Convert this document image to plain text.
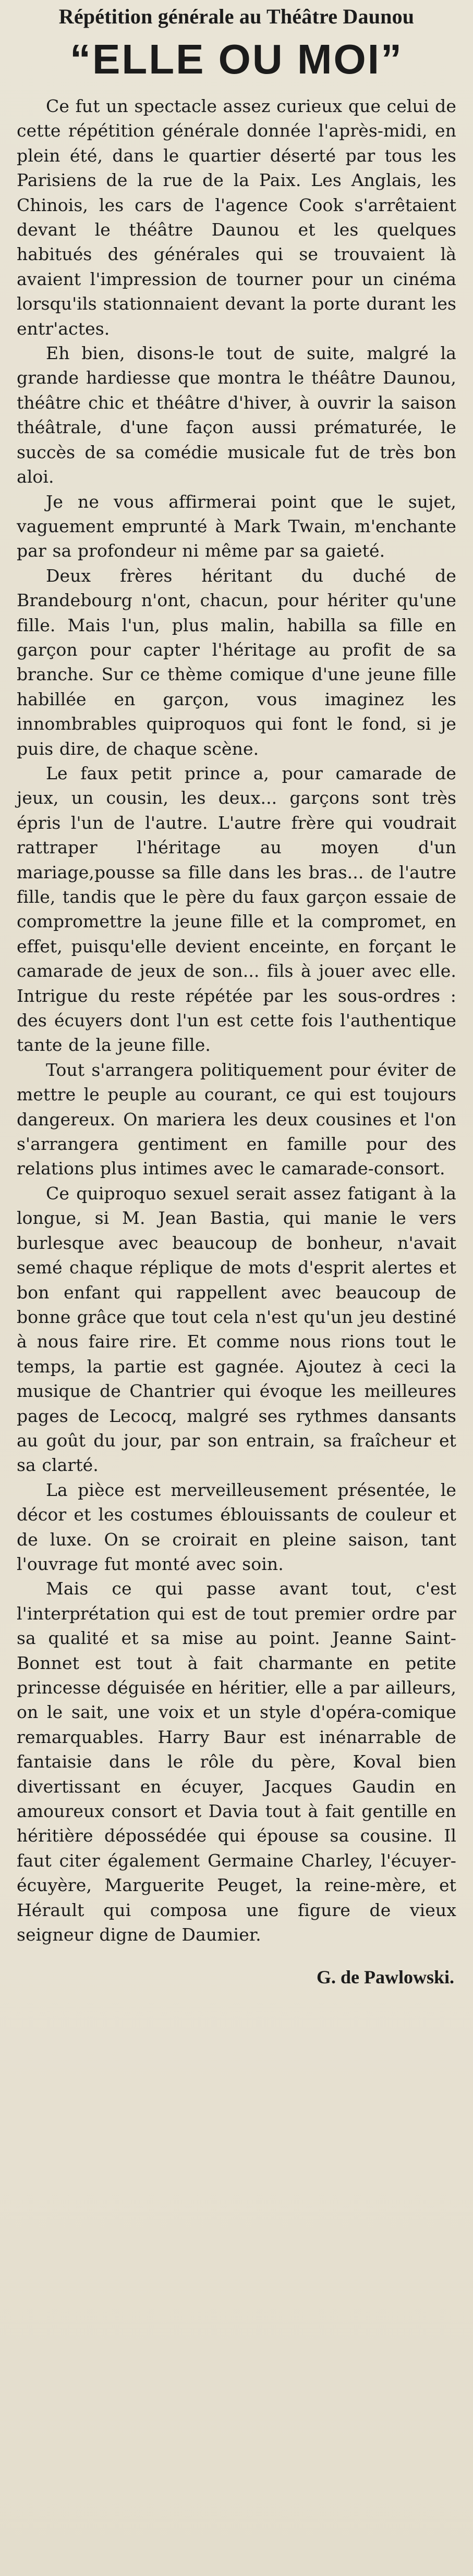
Répétition générale au Théâtre Daunou
“ELLE OU MOI”

Ce fut un spectacle assez curieux que celui de cette répétition générale donnée l'après-midi, en plein été, dans le quartier déserté par tous les Parisiens de la rue de la Paix. Les Anglais, les Chinois, les cars de l'agence Cook s'arrêtaient devant le théâtre Daunou et les quelques habitués des générales qui se trouvaient là avaient l'impression de tourner pour un cinéma lorsqu'ils stationnaient devant la porte durant les entr'actes.

Eh bien, disons-le tout de suite, malgré la grande hardiesse que montra le théâtre Daunou, théâtre chic et théâtre d'hiver, à ouvrir la saison théâtrale, d'une façon aussi prématurée, le succès de sa comédie musicale fut de très bon aloi.

Je ne vous affirmerai point que le sujet, vaguement emprunté à Mark Twain, m'enchante par sa profondeur ni même par sa gaieté.

Deux frères héritant du duché de Brandebourg n'ont, chacun, pour hériter qu'une fille. Mais l'un, plus malin, habilla sa fille en garçon pour capter l'héritage au profit de sa branche. Sur ce thème comique d'une jeune fille habillée en garçon, vous imaginez les innombrables quiproquos qui font le fond, si je puis dire, de chaque scène.

Le faux petit prince a, pour camarade de jeux, un cousin, les deux... garçons sont très épris l'un de l'autre. L'autre frère qui voudrait rattraper l'héritage au moyen d'un mariage,pousse sa fille dans les bras... de l'autre fille, tandis que le père du faux garçon essaie de compromettre la jeune fille et la compromet, en effet, puisqu'elle devient enceinte, en forçant le camarade de jeux de son... fils à jouer avec elle. Intrigue du reste répétée par les sous-ordres : des écuyers dont l'un est cette fois l'authentique tante de la jeune fille.

Tout s'arrangera politiquement pour éviter de mettre le peuple au courant, ce qui est toujours dangereux. On mariera les deux cousines et l'on s'arrangera gentiment en famille pour des relations plus intimes avec le camarade-consort.

Ce quiproquo sexuel serait assez fatigant à la longue, si M. Jean Bastia, qui manie le vers burlesque avec beaucoup de bonheur, n'avait semé chaque réplique de mots d'esprit alertes et bon enfant qui rappellent avec beaucoup de bonne grâce que tout cela n'est qu'un jeu destiné à nous faire rire. Et comme nous rions tout le temps, la partie est gagnée. Ajoutez à ceci la musique de Chantrier qui évoque les meilleures pages de Lecocq, malgré ses rythmes dansants au goût du jour, par son entrain, sa fraîcheur et sa clarté.

La pièce est merveilleusement présentée, le décor et les costumes éblouissants de couleur et de luxe. On se croirait en pleine saison, tant l'ouvrage fut monté avec soin.

Mais ce qui passe avant tout, c'est l'interprétation qui est de tout premier ordre par sa qualité et sa mise au point. Jeanne Saint-Bonnet est tout à fait charmante en petite princesse déguisée en héritier, elle a par ailleurs, on le sait, une voix et un style d'opéra-comique remarquables. Harry Baur est inénarrable de fantaisie dans le rôle du père, Koval bien divertissant en écuyer, Jacques Gaudin en amoureux consort et Davia tout à fait gentille en héritière dépossédée qui épouse sa cousine. Il faut citer également Germaine Charley, l'écuyer-écuyère, Marguerite Peuget, la reine-mère, et Hérault qui composa une figure de vieux seigneur digne de Daumier.

G. de Pawlowski.
